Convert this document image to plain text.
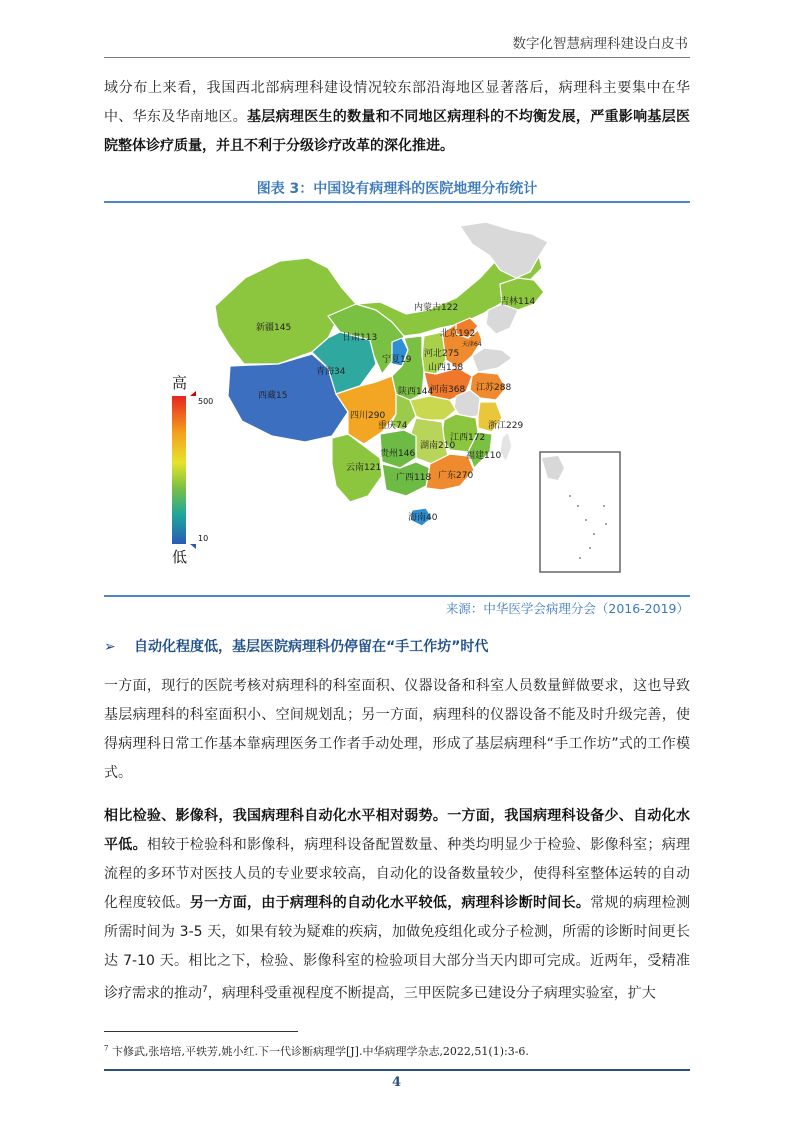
数字化智慧病理科建设白皮书

域分布上来看，我国西北部病理科建设情况较东部沿海地区显著落后，病理科主要集中在华中、华东及华南地区。基层病理医生的数量和不同地区病理科的不均衡发展，严重影响基层医院整体诊疗质量，并且不利于分级诊疗改革的深化推进。

图表 3：中国设有病理科的医院地理分布统计
高
500
10
低
新疆145
西藏15
青海34
甘肃113
内蒙古122
吉林114
北京192
天津64
河北275
宁夏19
山西158
陕西144
河南368 江苏288
四川290
重庆74	浙江229
江西172
湖南210
贵州146	福建110
云南121
广西118 广东270
海南40
来源：中华医学会病理分会（2016-2019）
➢ 自动化程度低，基层医院病理科仍停留在“手工作坊”时代

一方面，现行的医院考核对病理科的科室面积、仪器设备和科室人员数量鲜做要求，这也导致基层病理科的科室面积小、空间规划乱；另一方面，病理科的仪器设备不能及时升级完善，使得病理科日常工作基本靠病理医务工作者手动处理，形成了基层病理科“手工作坊”式的工作模式。

相比检验、影像科，我国病理科自动化水平相对弱势。一方面，我国病理科设备少、自动化水平低。相较于检验科和影像科，病理科设备配置数量、种类均明显少于检验、影像科室；病理流程的多环节对医技人员的专业要求较高，自动化的设备数量较少，使得科室整体运转的自动化程度较低。另一方面，由于病理科的自动化水平较低，病理科诊断时间长。常规的病理检测所需时间为 3-5 天，如果有较为疑难的疾病，加做免疫组化或分子检测，所需的诊断时间更长达 7-10 天。相比之下，检验、影像科室的检验项目大部分当天内即可完成。近两年，受精准诊疗需求的推动$^7$，病理科受重视程度不断提高，三甲医院多已建设分子病理实验室，扩大

$^7$ 卞修武,张培培,平轶芳,姚小红.下一代诊断病理学[J].中华病理学杂志,2022,51(1):3-6.
4
